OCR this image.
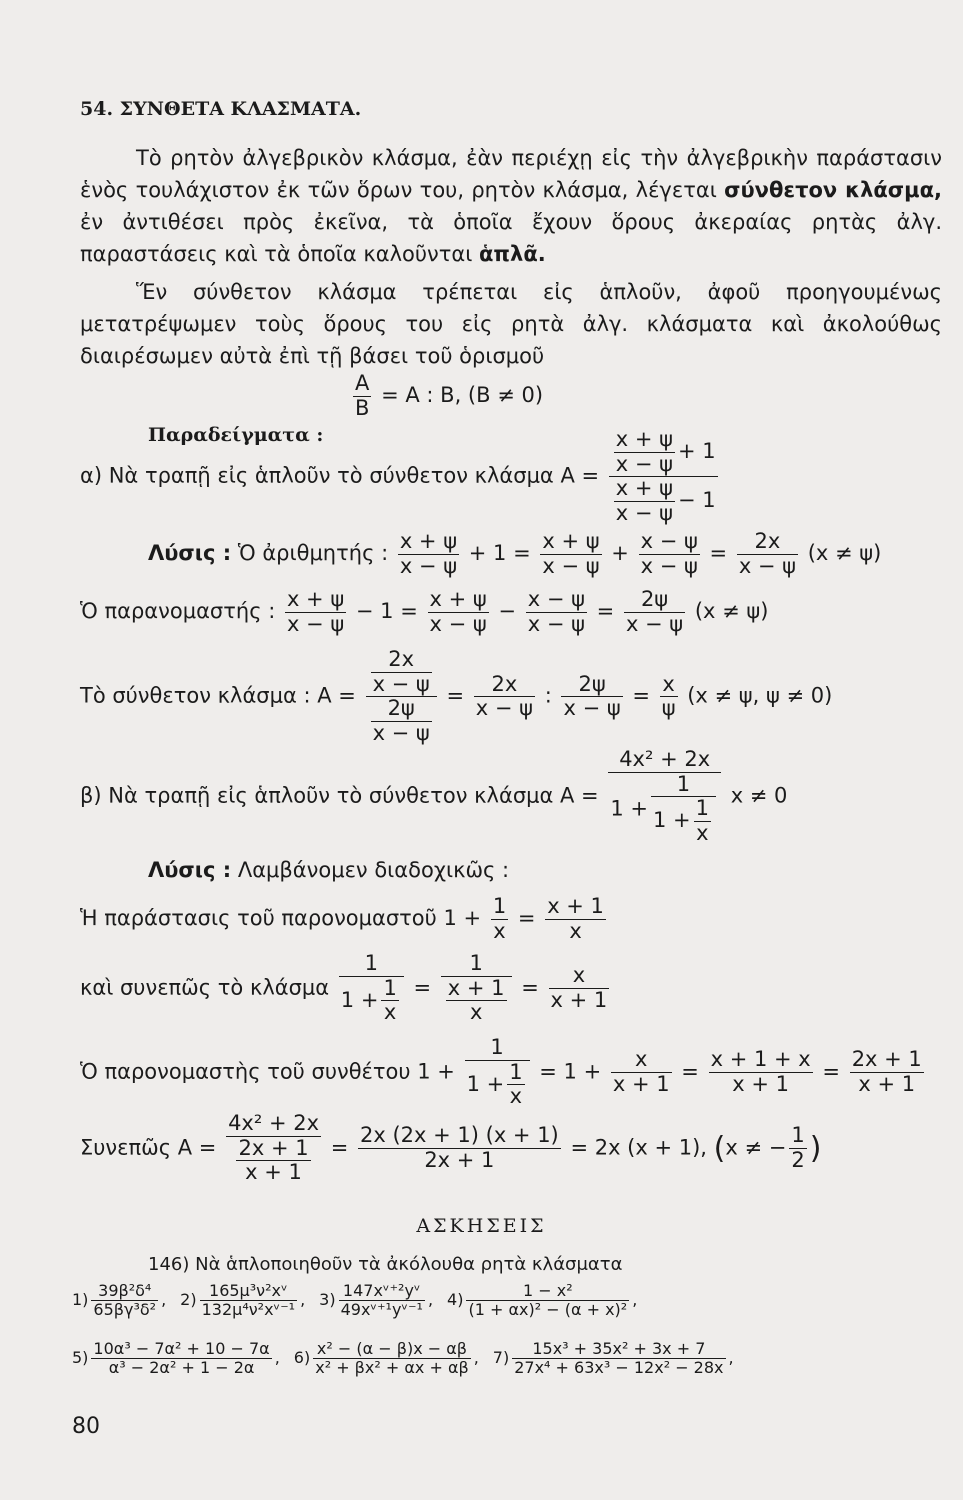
54. ΣΥΝΘΕΤΑ ΚΛΑΣΜΑΤΑ.
Τὸ ρητὸν ἀλγεβρικὸν κλάσμα, ἐὰν περιέχῃ εἰς τὴν ἀλγεβρικὴν παράστασιν ἑνὸς τουλάχιστον ἐκ τῶν ὅρων του, ρητὸν κλάσμα, λέγεται σύνθετον κλάσμα, ἐν ἀντιθέσει πρὸς ἐκεῖνα, τὰ ὁποῖα ἔχουν ὅρους ἀκεραίας ρητὰς ἀλγ. παραστάσεις καὶ τὰ ὁποῖα καλοῦνται ἁπλᾶ.
Ἕν σύνθετον κλάσμα τρέπεται εἰς ἁπλοῦν, ἀφοῦ προηγουμένως μετατρέψωμεν τοὺς ὅρους του εἰς ρητὰ ἀλγ. κλάσματα καὶ ἀκολούθως διαιρέσωμεν αὐτὰ ἐπὶ τῇ βάσει τοῦ ὁρισμοῦ
$\frac{A}{B} = A$ : B, (B ≠ 0)
Παραδείγματα :
α) Νὰ τραπῇ εἰς ἁπλοῦν τὸ σύνθετον κλάσμα $A = \frac{\frac{x + \psi}{x - \psi} + 1}{\frac{x + \psi}{x - \psi} - 1}$
Λύσις : Ὁ ἀριθμητής : $\frac{x + \psi}{x - \psi} + 1 = \frac{x + \psi}{x - \psi} + \frac{x - \psi}{x - \psi} = \frac{2x}{x - \psi} (x \ne \psi)$
Ὁ παρανομαστής : $\frac{x + \psi}{x - \psi} - 1 = \frac{x + \psi}{x - \psi} - \frac{x - \psi}{x - \psi} = \frac{2\psi}{x - \psi} (x \ne \psi)$
Τὸ σύνθετον κλάσμα : $A = \frac{\frac{2x}{x - \psi}}{\frac{2\psi}{x - \psi}} = \frac{2x}{x - \psi}$ : $\frac{2\psi}{x - \psi} = \frac{x}{\psi} (x \ne \psi$, ψ ≠ 0)
β) Νὰ τραπῇ εἰς ἁπλοῦν τὸ σύνθετον κλάσμα $A = \frac{\text{4x² + 2x}}{1 + \frac{1}{1 + \frac{1}{x}}}$ x ≠ 0
Λύσις : Λαμβάνομεν διαδοχικῶς :
Ἡ παράστασις τοῦ παρονομαστοῦ $1 + \frac{1}{x} = \frac{x + 1}{x}$
καὶ συνεπῶς τὸ κλάσμα $\frac{1}{1 + \frac{1}{x}} = \frac{1}{\frac{x + 1}{x}} = \frac{x}{x + 1}$
Ὁ παρονομαστὴς τοῦ συνθέτου $1 + \frac{1}{1 + \frac{1}{x}} = 1 + \frac{x}{x + 1} = \frac{x + 1 + x}{x + 1} = \frac{2x + 1}{x + 1}$
Συνεπῶς $A = \frac{\text{4x² + 2x}}{\frac{2x + 1}{x + 1}} = \frac{2x (2x + 1) (x + 1)}{2x + 1} = 2x$ (x + 1), (x ≠ − $\frac{1}{2}$ )
ΑΣΚΗΣΕΙΣ
146) Νὰ ἁπλοποιηθοῦν τὰ ἀκόλουθα ρητὰ κλάσματα
$1) \frac{\text{39β²δ⁴}}{\text{65βγ³δ²}}$ , $2) \frac{\text{165μ³ν²xᵛ}}{\text{132μ⁴ν²xᵛ⁻¹}}$ , $3) \frac{\text{147xᵛ⁺²yᵛ}}{\text{49xᵛ⁺¹yᵛ⁻¹}}$ , $4) \frac{\text{1 − x²}}{\text{(1 + αx)² − (α + x)²}}$ ,
$5) \frac{\text{10α³ − 7α² + 10 − 7α}}{\text{α³ − 2α² + 1 − 2α}}$ , $6) \frac{\text{x² − (α − β)x − αβ}}{\text{x² + βx² + αx + αβ}}$ , $7) \frac{\text{15x³ + 35x² + 3x + 7}}{\text{27x⁴ + 63x³ − 12x² − 28x}}$ ,
80
